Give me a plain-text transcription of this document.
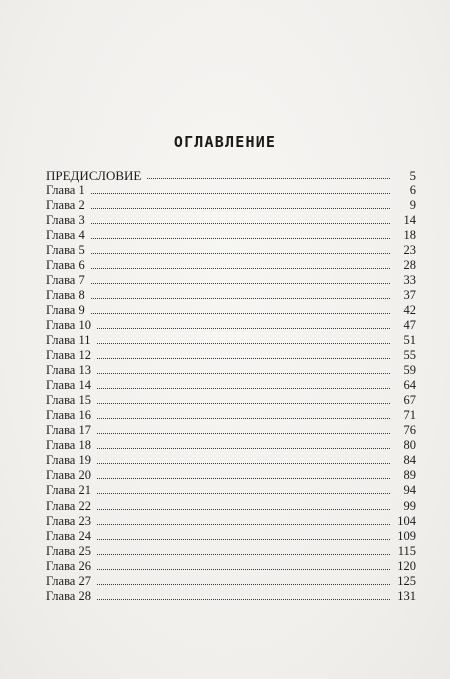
ОГЛАВЛЕНИЕ
ПРЕДИСЛОВИЕ	5
Глава 1	6
Глава 2	9
Глава 3	14
Глава 4	18
Глава 5	23
Глава 6	28
Глава 7	33
Глава 8	37
Глава 9	42
Глава 10	47
Глава 11	51
Глава 12	55
Глава 13	59
Глава 14	64
Глава 15	67
Глава 16	71
Глава 17	76
Глава 18	80
Глава 19	84
Глава 20	89
Глава 21	94
Глава 22	99
Глава 23	104
Глава 24	109
Глава 25	115
Глава 26	120
Глава 27	125
Глава 28	131
